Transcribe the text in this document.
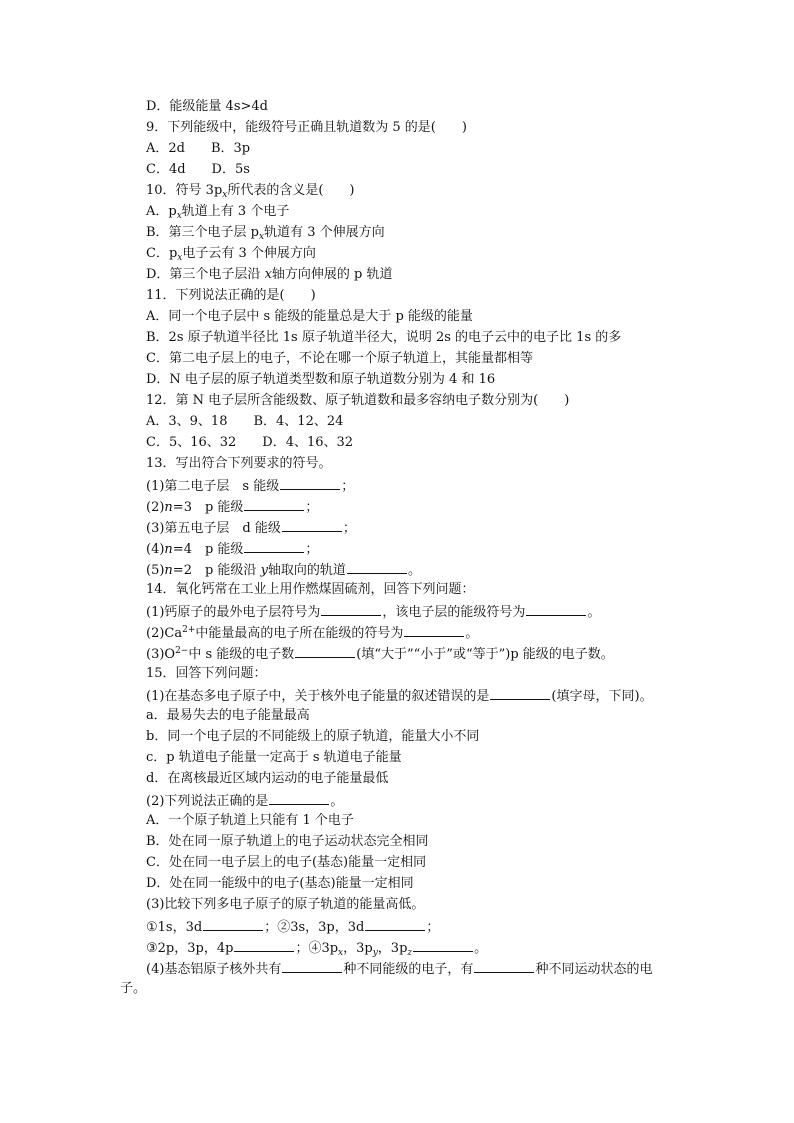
D．能级能量 4s>4d
9．下列能级中，能级符号正确且轨道数为 5 的是(　　)
A．2d　　B．3p
C．4d　　D．5s
10．符号 $3p_x$所代表的含义是(　　)
A．$p_x$轨道上有 3 个电子
B．第三个电子层 $p_x$轨道有 3 个伸展方向
C．$p_x$电子云有 3 个伸展方向
D．第三个电子层沿 x轴方向伸展的 p 轨道
11．下列说法正确的是(　　)
A．同一个电子层中 s 能级的能量总是大于 p 能级的能量
B．2s 原子轨道半径比 1s 原子轨道半径大，说明 2s 的电子云中的电子比 1s 的多
C．第二电子层上的电子，不论在哪一个原子轨道上，其能量都相等
D．N 电子层的原子轨道类型数和原子轨道数分别为 4 和 16
12．第 N 电子层所含能级数、原子轨道数和最多容纳电子数分别为(　　)
A．3、9、18　　B．4、12、24
C．5、16、32　　D．4、16、32
13．写出符合下列要求的符号。
(1)第二电子层　s 能级	；
(2)n=3　p 能级	；
(3)第五电子层　d 能级	；
(4)n=4　p 能级	；
(5)n=2　p 能级沿 y轴取向的轨道	。
14．氧化钙常在工业上用作燃煤固硫剂，回答下列问题：
(1)钙原子的最外电子层符号为	，该电子层的能级符号为	。
$(2)Ca^{2+}$中能量最高的电子所在能级的符号为	。
$(3)O^{2-}$中 s 能级的电子数	(填“大于”“小于”或“等于”)p 能级的电子数。
15．回答下列问题：
(1)在基态多电子原子中，关于核外电子能量的叙述错误的是	(填字母，下同)。
a．最易失去的电子能量最高
b．同一个电子层的不同能级上的原子轨道，能量大小不同
c．p 轨道电子能量一定高于 s 轨道电子能量
d．在离核最近区域内运动的电子能量最低
(2)下列说法正确的是	。
A．一个原子轨道上只能有 1 个电子
B．处在同一原子轨道上的电子运动状态完全相同
C．处在同一电子层上的电子(基态)能量一定相同
D．处在同一能级中的电子(基态)能量一定相同
(3)比较下列多电子原子的原子轨道的能量高低。
①1s，3d	；②3s，3p，3d	；
③2p，3p，4p	；$④3p_x$，$3p_y$，$3p_z$	。
(4)基态铝原子核外共有	种不同能级的电子，有	种不同运动状态的电
子。
